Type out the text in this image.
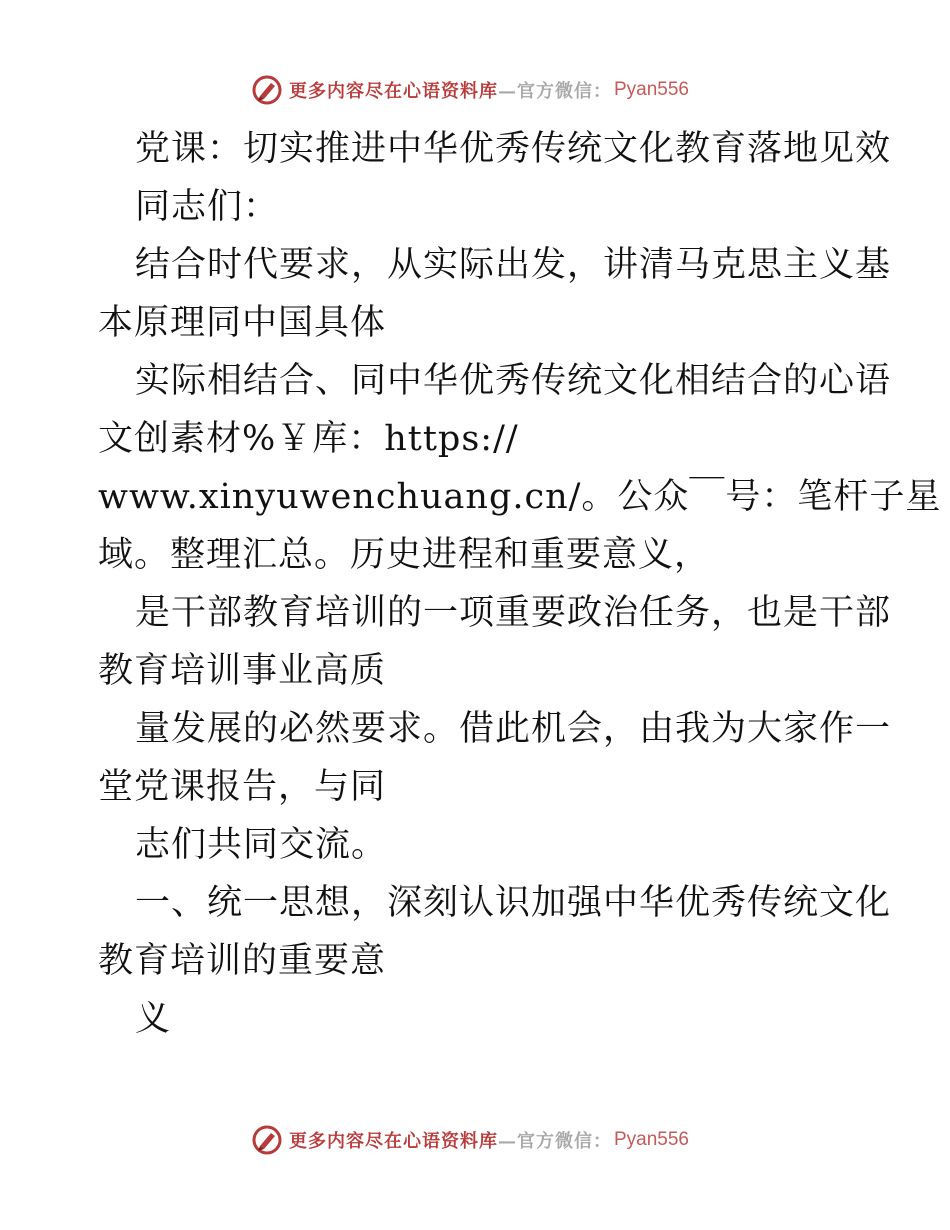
更多内容尽在心语资料库 —官方微信： Pyan556
党课：切实推进中华优秀传统文化教育落地见效
同志们：
结合时代要求，从实际出发，讲清马克思主义基
本原理同中国具体
实际相结合、同中华优秀传统文化相结合的心语
文创素材%￥库：https://
www.xinyuwenchuang.cn/。公众￣号：笔杆子星
域。整理汇总。历史进程和重要意义，
是干部教育培训的一项重要政治任务，也是干部
教育培训事业高质
量发展的必然要求。借此机会，由我为大家作一
堂党课报告，与同
志们共同交流。
一、统一思想，深刻认识加强中华优秀传统文化
教育培训的重要意
义
更多内容尽在心语资料库 —官方微信： Pyan556
